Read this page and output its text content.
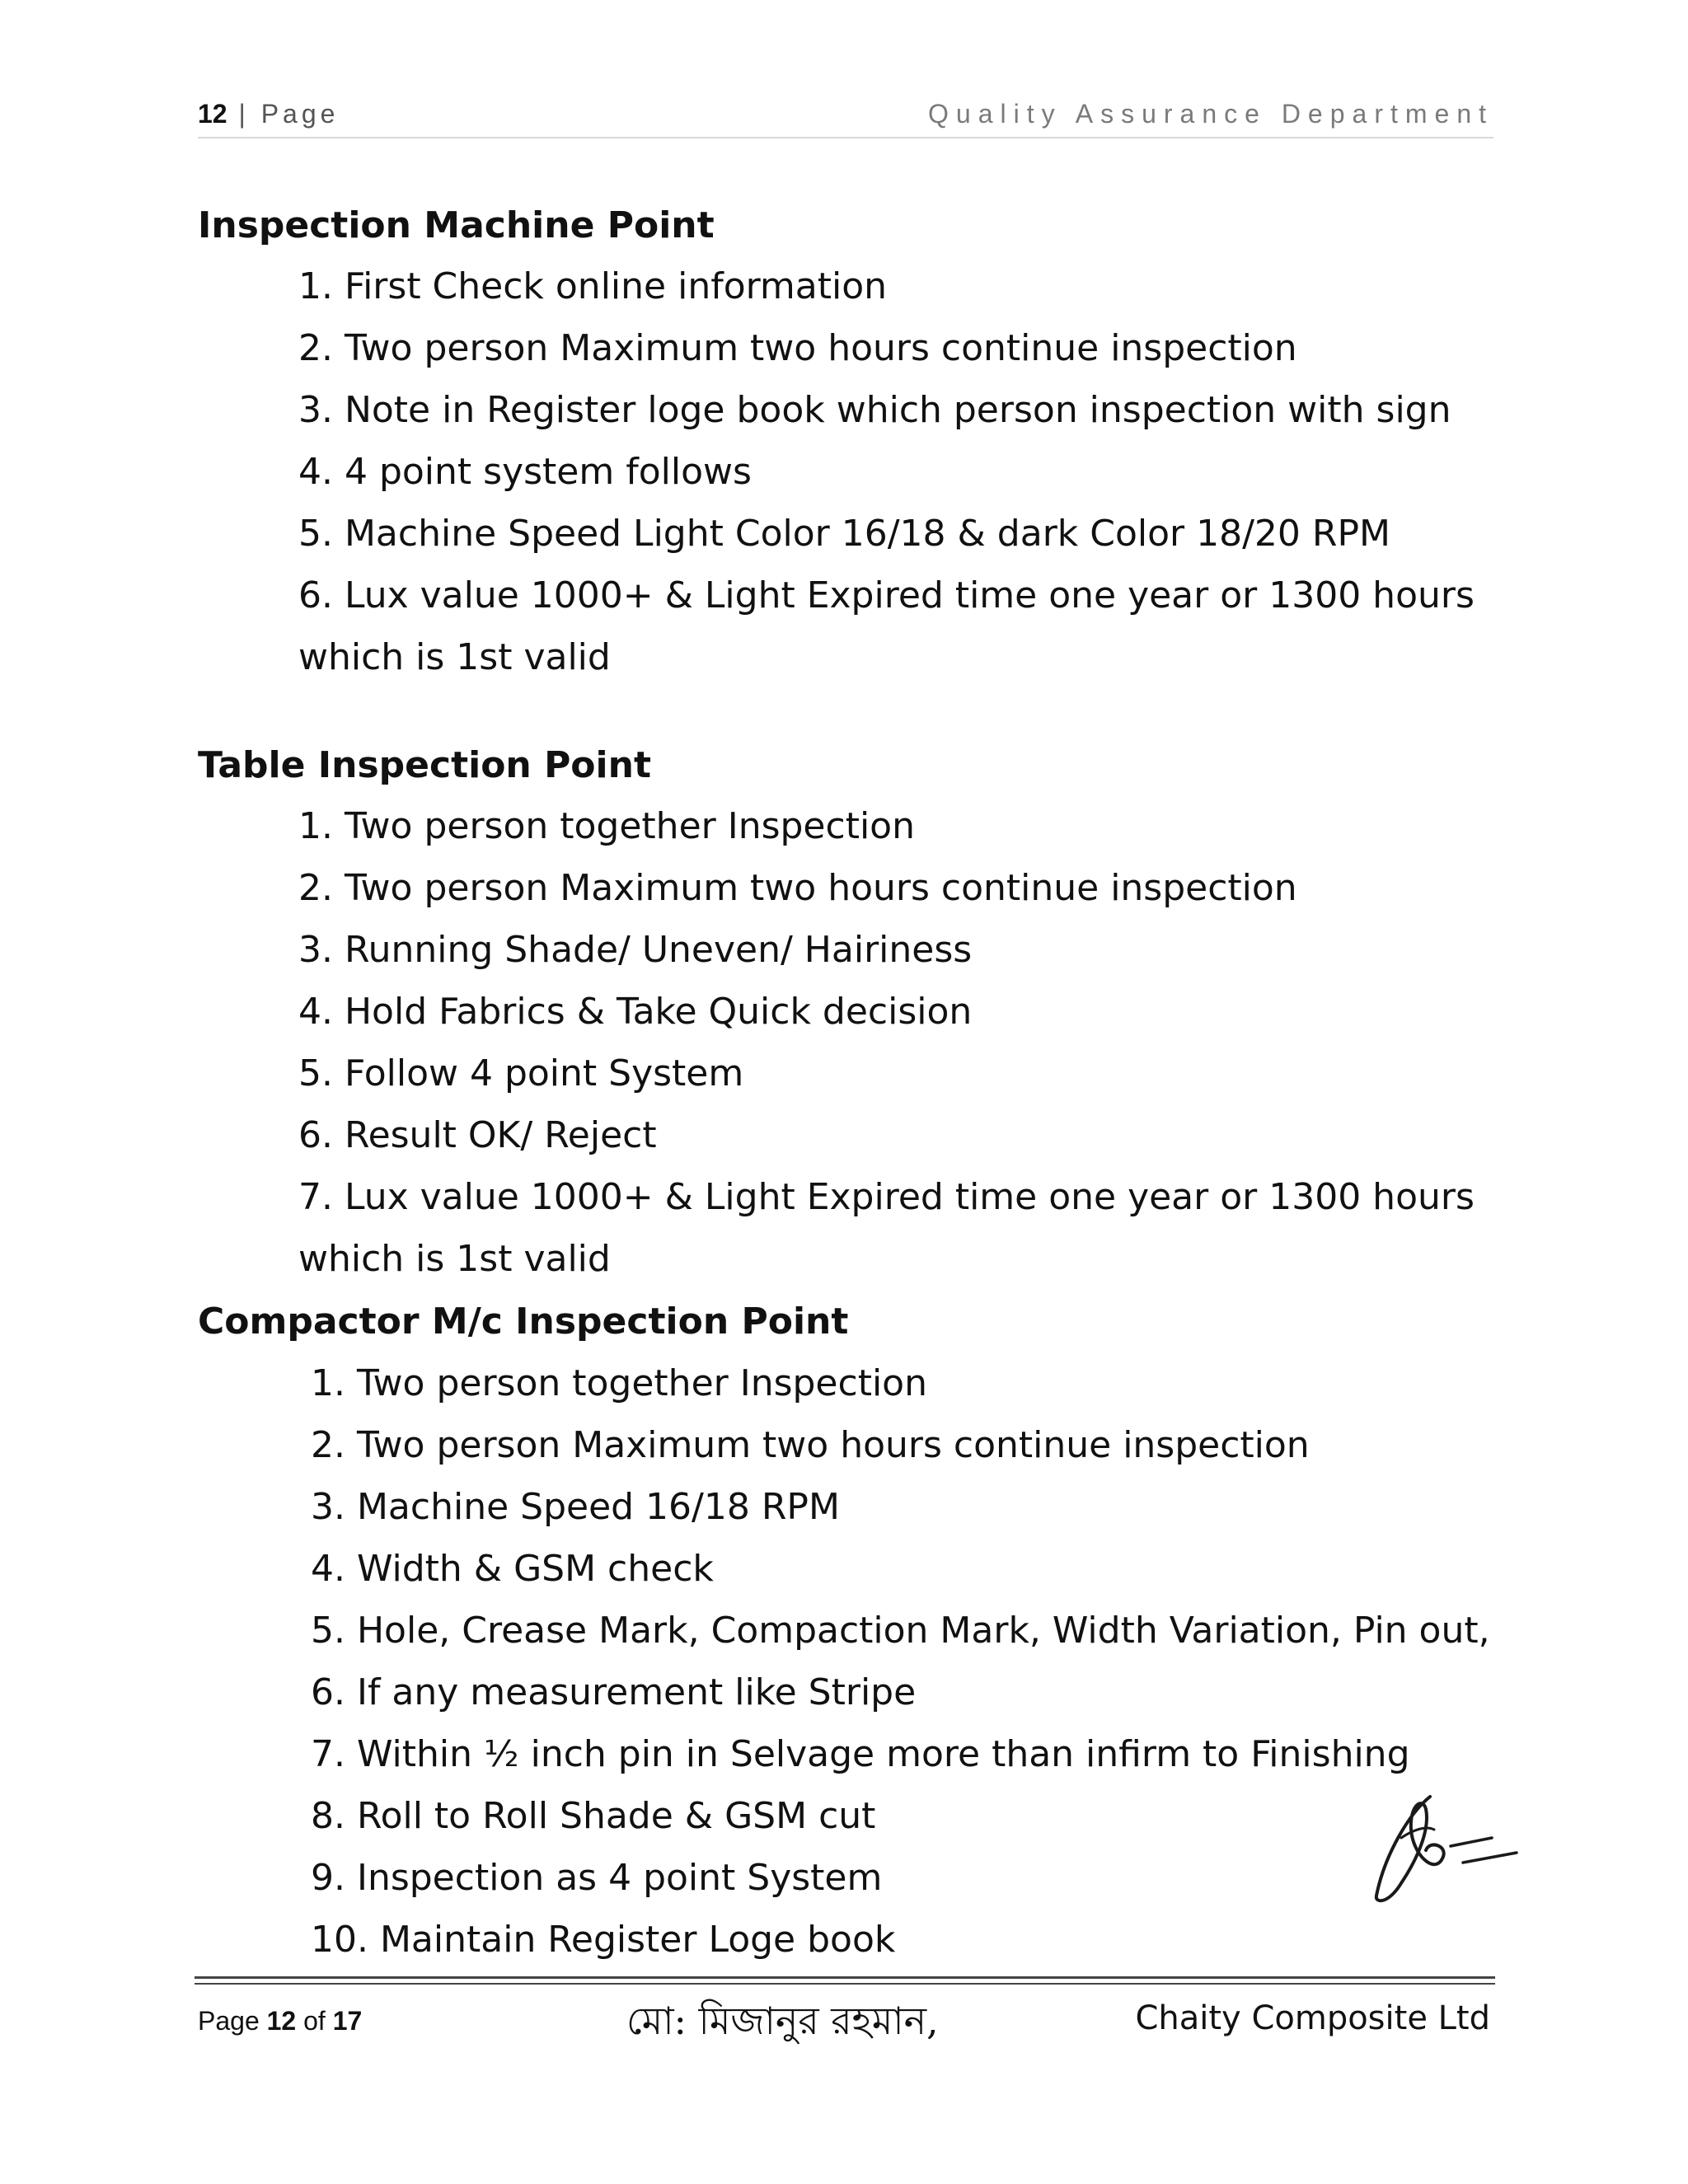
12 | Page	Quality Assurance Department
Inspection Machine Point
1. First Check online information
2. Two person Maximum two hours continue inspection
3. Note in Register loge book which person inspection with sign
4. 4 point system follows
5. Machine Speed Light Color 16/18 & dark Color 18/20 RPM
6. Lux value 1000+ & Light Expired time one year or 1300 hours
which is 1st valid
Table Inspection Point
1. Two person together Inspection
2. Two person Maximum two hours continue inspection
3. Running Shade/ Uneven/ Hairiness
4. Hold Fabrics & Take Quick decision
5. Follow 4 point System
6. Result OK/ Reject
7. Lux value 1000+ & Light Expired time one year or 1300 hours
which is 1st valid
Compactor M/c Inspection Point
1. Two person together Inspection
2. Two person Maximum two hours continue inspection
3. Machine Speed 16/18 RPM
4. Width & GSM check
5. Hole, Crease Mark, Compaction Mark, Width Variation, Pin out,
6. If any measurement like Stripe
7. Within ½ inch pin in Selvage more than infirm to Finishing
8. Roll to Roll Shade & GSM cut
9. Inspection as 4 point System
10. Maintain Register Loge book
Page 12 of 17	মো: মিজানুর রহমান,	Chaity Composite Ltd
